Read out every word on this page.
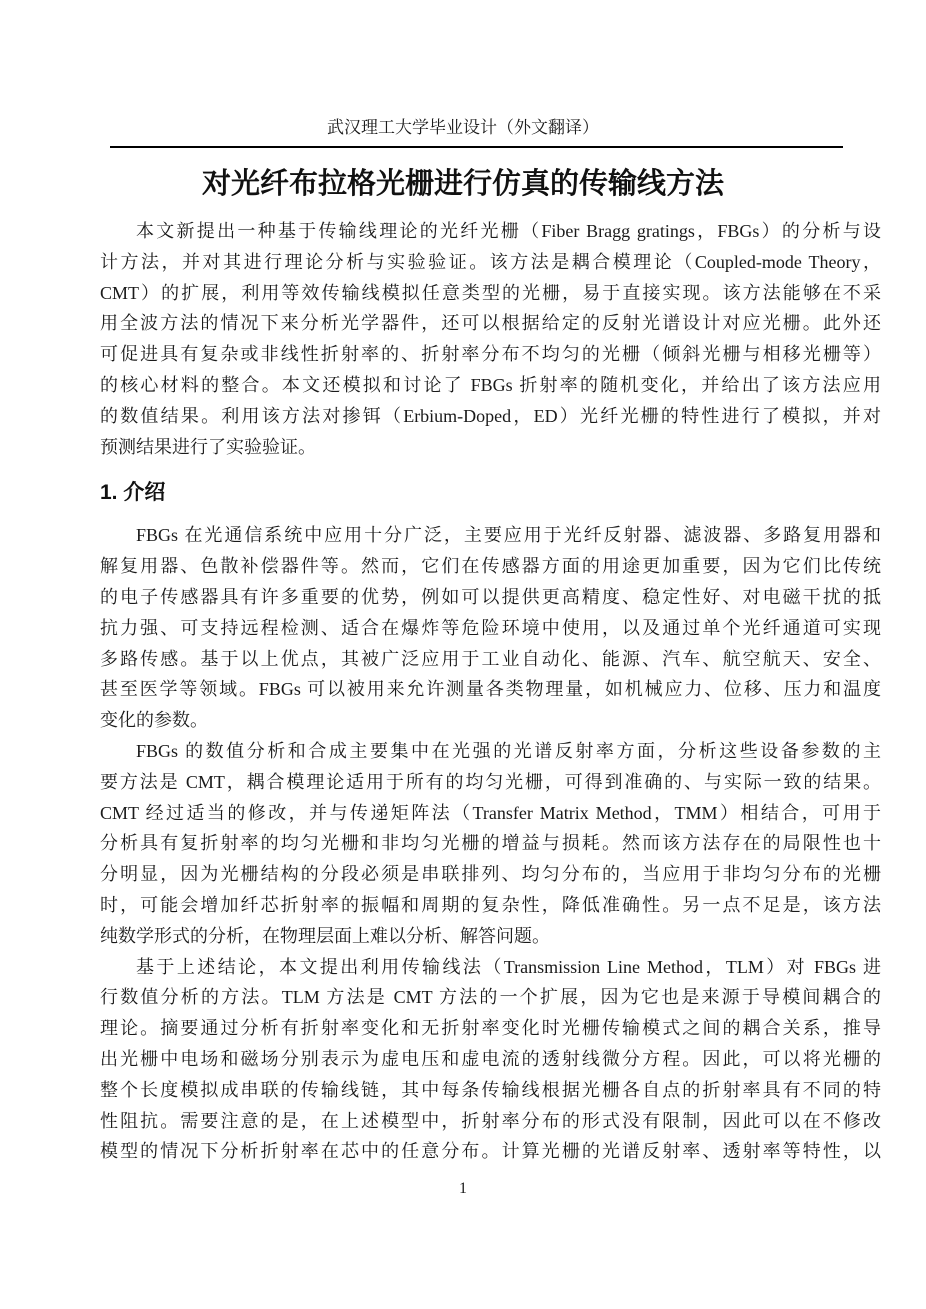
武汉理工大学毕业设计（外文翻译）
对光纤布拉格光栅进行仿真的传输线方法
本文新提出一种基于传输线理论的光纤光栅（Fiber Bragg gratings，FBGs）的分析与设
计方法，并对其进行理论分析与实验验证。该方法是耦合模理论（Coupled-mode Theory，
CMT）的扩展，利用等效传输线模拟任意类型的光栅，易于直接实现。该方法能够在不采
用全波方法的情况下来分析光学器件，还可以根据给定的反射光谱设计对应光栅。此外还
可促进具有复杂或非线性折射率的、折射率分布不均匀的光栅（倾斜光栅与相移光栅等）
的核心材料的整合。本文还模拟和讨论了 FBGs 折射率的随机变化，并给出了该方法应用
的数值结果。利用该方法对掺铒（Erbium-Doped，ED）光纤光栅的特性进行了模拟，并对
预测结果进行了实验验证。
1. 介绍
FBGs 在光通信系统中应用十分广泛，主要应用于光纤反射器、滤波器、多路复用器和
解复用器、色散补偿器件等。然而，它们在传感器方面的用途更加重要，因为它们比传统
的电子传感器具有许多重要的优势，例如可以提供更高精度、稳定性好、对电磁干扰的抵
抗力强、可支持远程检测、适合在爆炸等危险环境中使用，以及通过单个光纤通道可实现
多路传感。基于以上优点，其被广泛应用于工业自动化、能源、汽车、航空航天、安全、
甚至医学等领域。FBGs 可以被用来允许测量各类物理量，如机械应力、位移、压力和温度
变化的参数。
FBGs 的数值分析和合成主要集中在光强的光谱反射率方面，分析这些设备参数的主
要方法是 CMT，耦合模理论适用于所有的均匀光栅，可得到准确的、与实际一致的结果。
CMT 经过适当的修改，并与传递矩阵法（Transfer Matrix Method，TMM）相结合，可用于
分析具有复折射率的均匀光栅和非均匀光栅的增益与损耗。然而该方法存在的局限性也十
分明显，因为光栅结构的分段必须是串联排列、均匀分布的，当应用于非均匀分布的光栅
时，可能会增加纤芯折射率的振幅和周期的复杂性，降低准确性。另一点不足是，该方法
纯数学形式的分析，在物理层面上难以分析、解答问题。
基于上述结论，本文提出利用传输线法（Transmission Line Method，TLM）对 FBGs 进
行数值分析的方法。TLM 方法是 CMT 方法的一个扩展，因为它也是来源于导模间耦合的
理论。摘要通过分析有折射率变化和无折射率变化时光栅传输模式之间的耦合关系，推导
出光栅中电场和磁场分别表示为虚电压和虚电流的透射线微分方程。因此，可以将光栅的
整个长度模拟成串联的传输线链，其中每条传输线根据光栅各自点的折射率具有不同的特
性阻抗。需要注意的是，在上述模型中，折射率分布的形式没有限制，因此可以在不修改
模型的情况下分析折射率在芯中的任意分布。计算光栅的光谱反射率、透射率等特性，以
1
